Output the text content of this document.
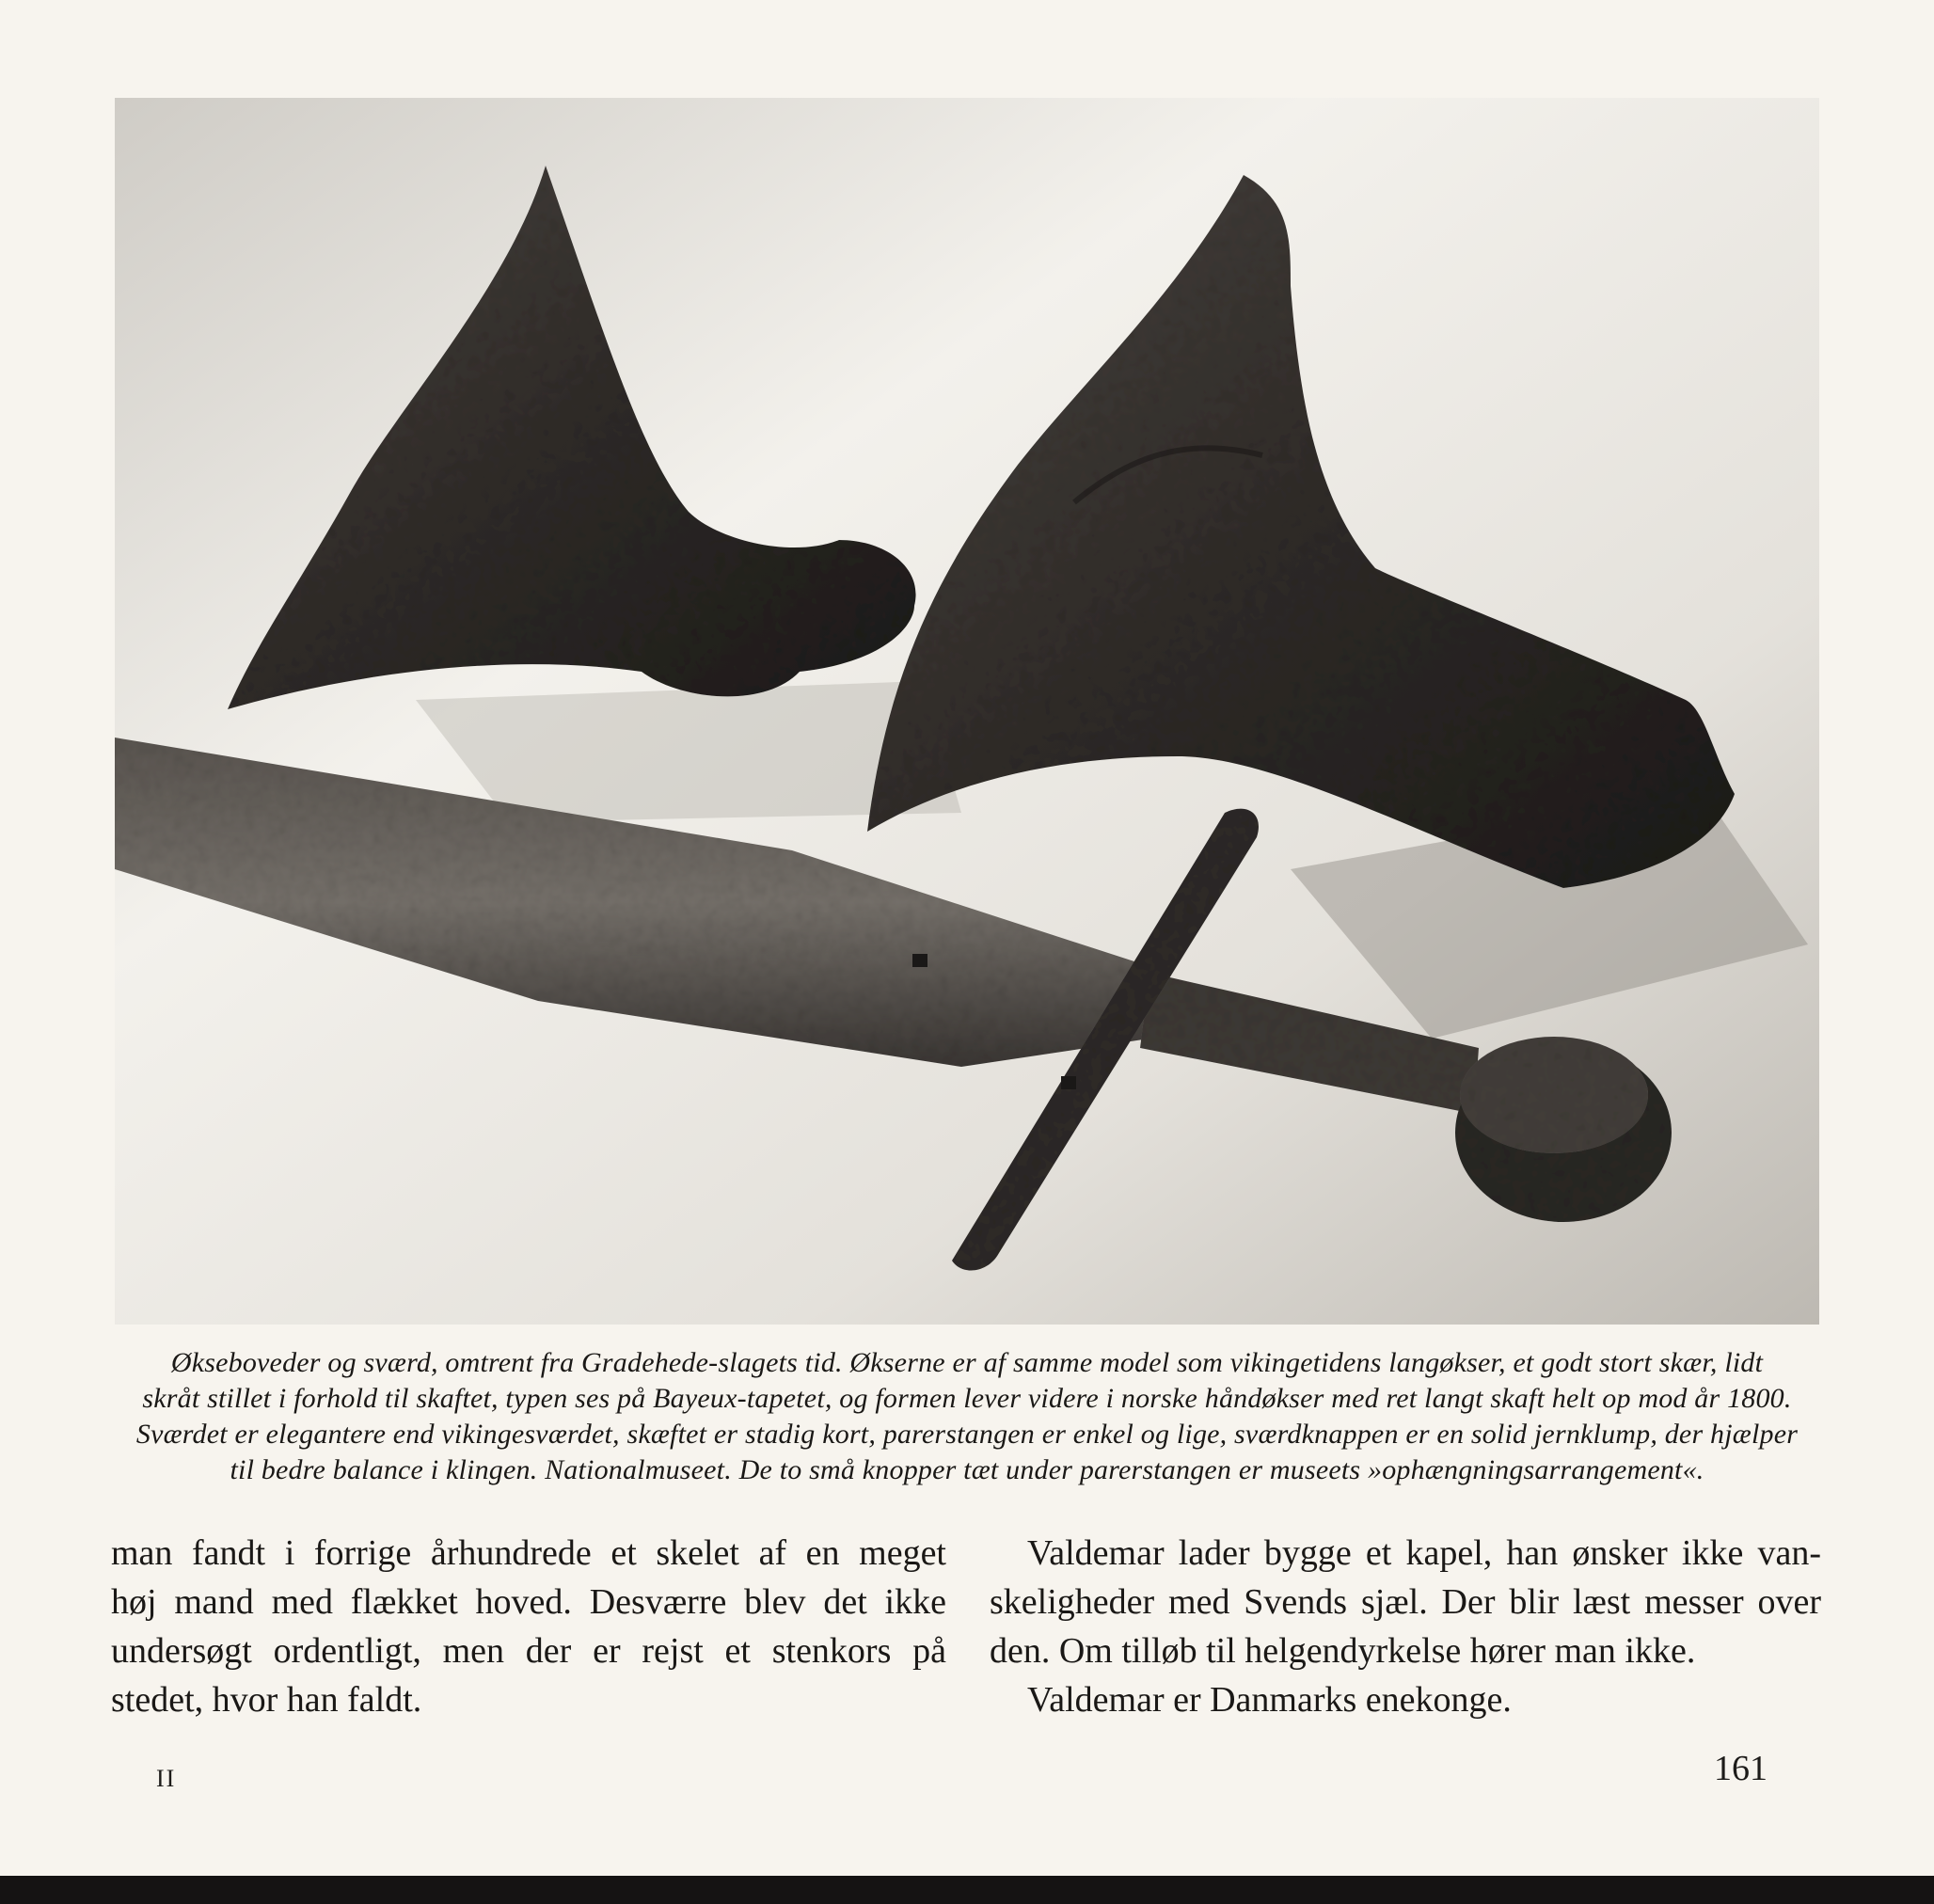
Økseboveder og sværd, omtrent fra Gradehede-slagets tid. Økserne er af samme model som vikingetidens langøkser, et godt stort skær, lidt
skråt stillet i forhold til skaftet, typen ses på Bayeux-tapetet, og formen lever videre i norske håndøkser med ret langt skaft helt op mod år 1800.
Sværdet er elegantere end vikingesværdet, skæftet er stadig kort, parerstangen er enkel og lige, sværdknappen er en solid jernklump, der hjælper
til bedre balance i klingen. Nationalmuseet. De to små knopper tæt under parerstangen er museets »ophængningsarrangement«.
man fandt i forrige århundrede et skelet af en meget
høj mand med flækket hoved. Desværre blev det ikke
undersøgt ordentligt, men der er rejst et stenkors på
stedet, hvor han faldt.
Valdemar lader bygge et kapel, han ønsker ikke van-
skeligheder med Svends sjæl. Der blir læst messer over
den. Om tilløb til helgendyrkelse hører man ikke.
Valdemar er Danmarks enekonge.
II	161
